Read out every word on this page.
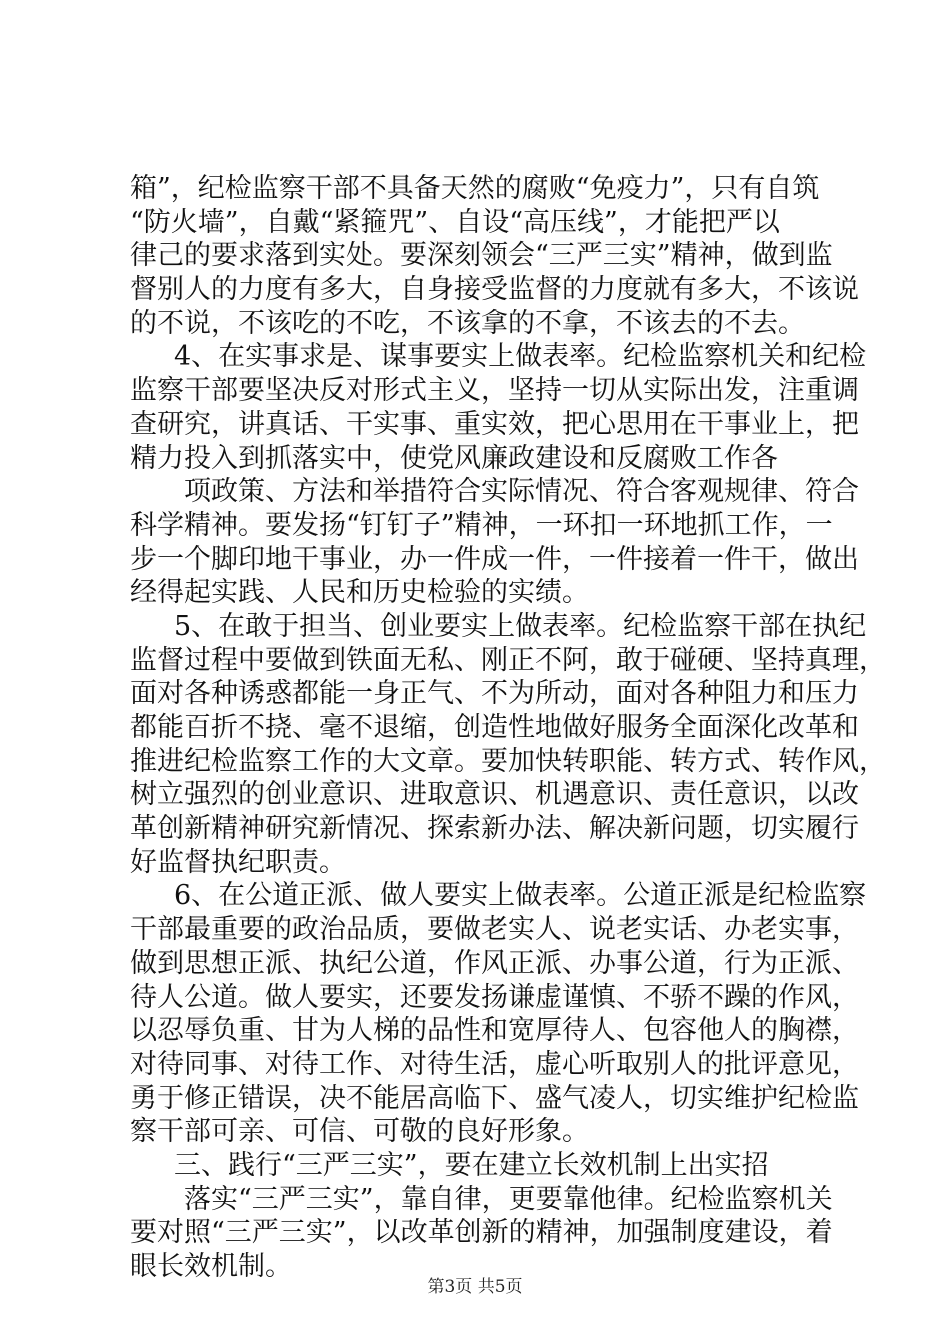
箱”，纪检监察干部不具备天然的腐败“免疫力”，只有自筑
“防火墙”，自戴“紧箍咒”、自设“高压线”，才能把严以
律己的要求落到实处。要深刻领会“三严三实”精神，做到监
督别人的力度有多大，自身接受监督的力度就有多大，不该说
的不说，不该吃的不吃，不该拿的不拿，不该去的不去。
4、在实事求是、谋事要实上做表率。纪检监察机关和纪检
监察干部要坚决反对形式主义，坚持一切从实际出发，注重调
查研究，讲真话、干实事、重实效，把心思用在干事业上，把
精力投入到抓落实中，使党风廉政建设和反腐败工作各
项政策、方法和举措符合实际情况、符合客观规律、符合
科学精神。要发扬“钉钉子”精神，一环扣一环地抓工作，一
步一个脚印地干事业，办一件成一件，一件接着一件干，做出
经得起实践、人民和历史检验的实绩。
5、在敢于担当、创业要实上做表率。纪检监察干部在执纪
监督过程中要做到铁面无私、刚正不阿，敢于碰硬、坚持真理，
面对各种诱惑都能一身正气、不为所动，面对各种阻力和压力
都能百折不挠、毫不退缩，创造性地做好服务全面深化改革和
推进纪检监察工作的大文章。要加快转职能、转方式、转作风，
树立强烈的创业意识、进取意识、机遇意识、责任意识，以改
革创新精神研究新情况、探索新办法、解决新问题，切实履行
好监督执纪职责。
6、在公道正派、做人要实上做表率。公道正派是纪检监察
干部最重要的政治品质，要做老实人、说老实话、办老实事，
做到思想正派、执纪公道，作风正派、办事公道，行为正派、
待人公道。做人要实，还要发扬谦虚谨慎、不骄不躁的作风，
以忍辱负重、甘为人梯的品性和宽厚待人、包容他人的胸襟，
对待同事、对待工作、对待生活，虚心听取别人的批评意见，
勇于修正错误，决不能居高临下、盛气凌人，切实维护纪检监
察干部可亲、可信、可敬的良好形象。
三、践行“三严三实”，要在建立长效机制上出实招
落实“三严三实”，靠自律，更要靠他律。纪检监察机关
要对照“三严三实”，以改革创新的精神，加强制度建设，着
眼长效机制。
第3页 共5页
